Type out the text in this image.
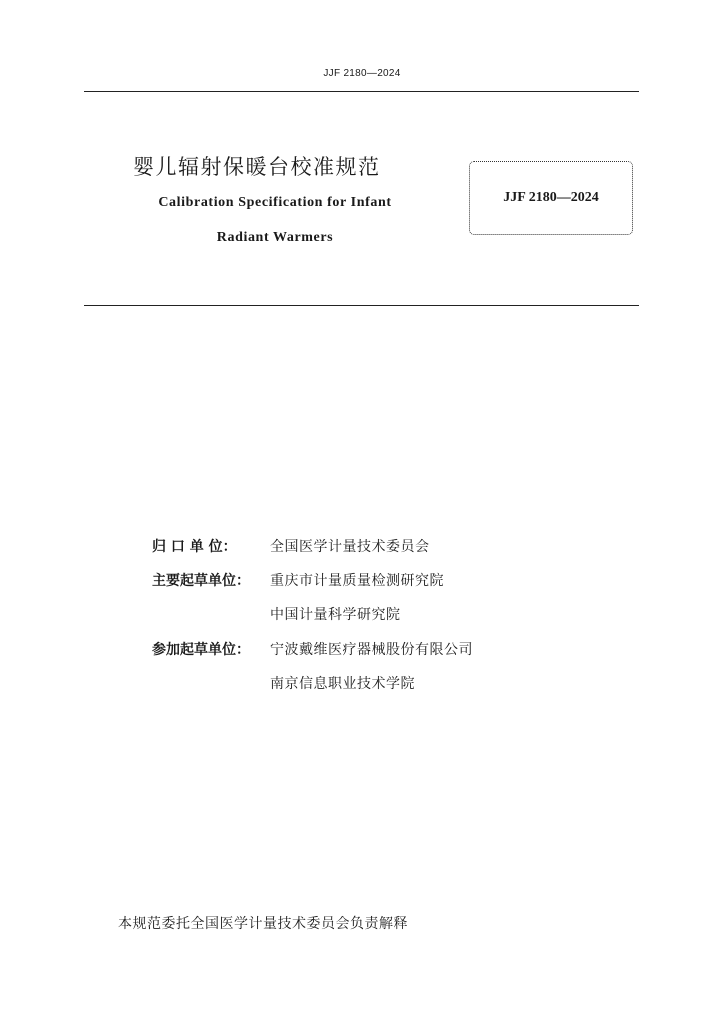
JJF 2180—2024
婴儿辐射保暖台校准规范
Calibration Specification for Infant
Radiant Warmers
JJF 2180—2024
归 口 单 位： 全国医学计量技术委员会
主要起草单位： 重庆市计量质量检测研究院
中国计量科学研究院
参加起草单位： 宁波戴维医疗器械股份有限公司
南京信息职业技术学院
本规范委托全国医学计量技术委员会负责解释
